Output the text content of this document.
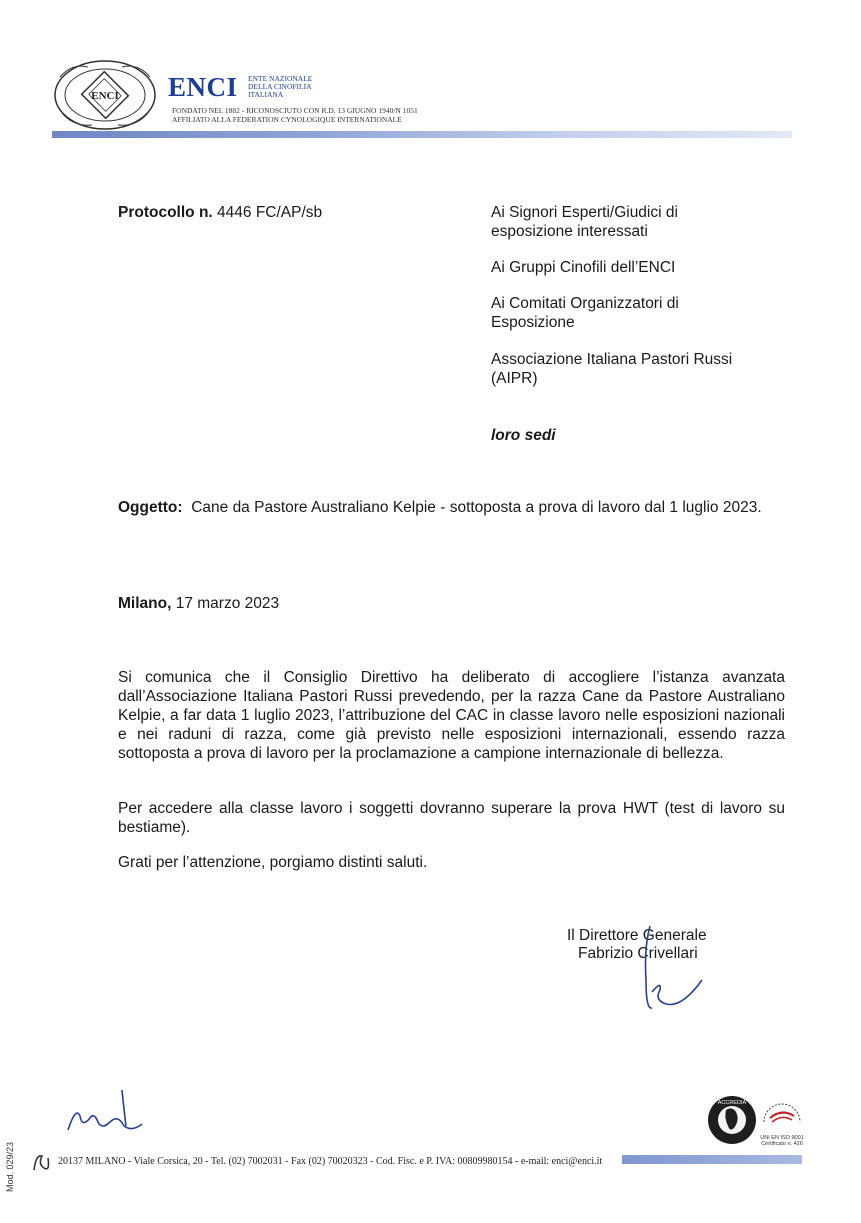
ENCI ENCI ENTE NAZIONALE
DELLA CINOFILIA
ITALIANA
FONDATO NEL 1882 - RICONOSCIUTO CON R.D. 13 GIUGNO 1940/N 1051
AFFILIATO ALLA FEDERATION CYNOLOGIQUE INTERNATIONALE
Protocollo n. 4446 FC/AP/sb	Ai Signori Esperti/Giudici di esposizione interessati
Ai Gruppi Cinofili dell’ENCI
Ai Comitati Organizzatori di Esposizione
Associazione Italiana Pastori Russi (AIPR)
loro sedi
Oggetto: Cane da Pastore Australiano Kelpie - sottoposta a prova di lavoro dal 1 luglio 2023.
Milano, 17 marzo 2023
Si comunica che il Consiglio Direttivo ha deliberato di accogliere l’istanza avanzata dall’Associazione Italiana Pastori Russi prevedendo, per la razza Cane da Pastore Australiano Kelpie, a far data 1 luglio 2023, l’attribuzione del CAC in classe lavoro nelle esposizioni nazionali e nei raduni di razza, come già previsto nelle esposizioni internazionali, essendo razza sottoposta a prova di lavoro per la proclamazione a campione internazionale di bellezza.
Per accedere alla classe lavoro i soggetti dovranno superare la prova HWT (test di lavoro su bestiame).
Grati per l’attenzione, porgiamo distinti saluti.
Il Direttore Generale
Fabrizio Crivellari
20137 MILANO - Viale Corsica, 20 - Tel. (02) 7002031 - Fax (02) 70020323 - Cod. Fisc. e P. IVA: 00809980154 - e-mail: enci@enci.it
Mod. 029/23
ACCREDIA
UNI EN ISO 9001
Certificato n. 426
